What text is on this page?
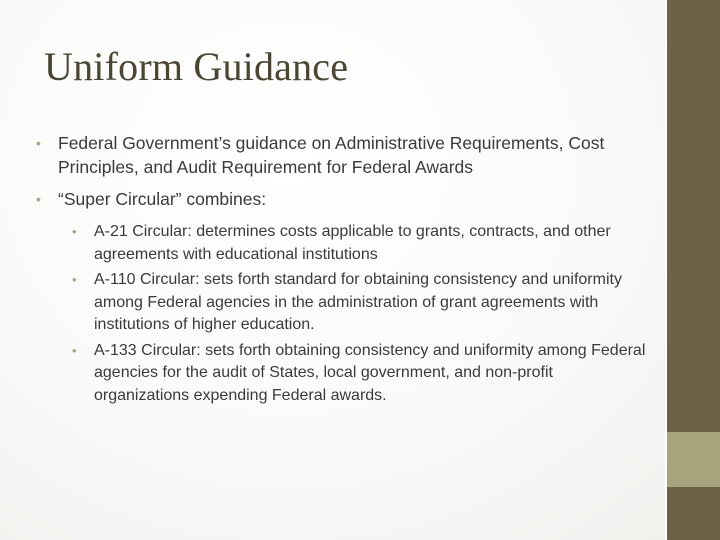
Uniform Guidance
• Federal Government’s guidance on Administrative Requirements, Cost Principles, and Audit Requirement for Federal Awards
• “Super Circular” combines:
• A-21 Circular: determines costs applicable to grants, contracts, and other agreements with educational institutions
• A-110 Circular: sets forth standard for obtaining consistency and uniformity among Federal agencies in the administration of grant agreements with institutions of higher education.
• A-133 Circular: sets forth obtaining consistency and uniformity among Federal agencies for the audit of States, local government, and non-profit organizations expending Federal awards.
